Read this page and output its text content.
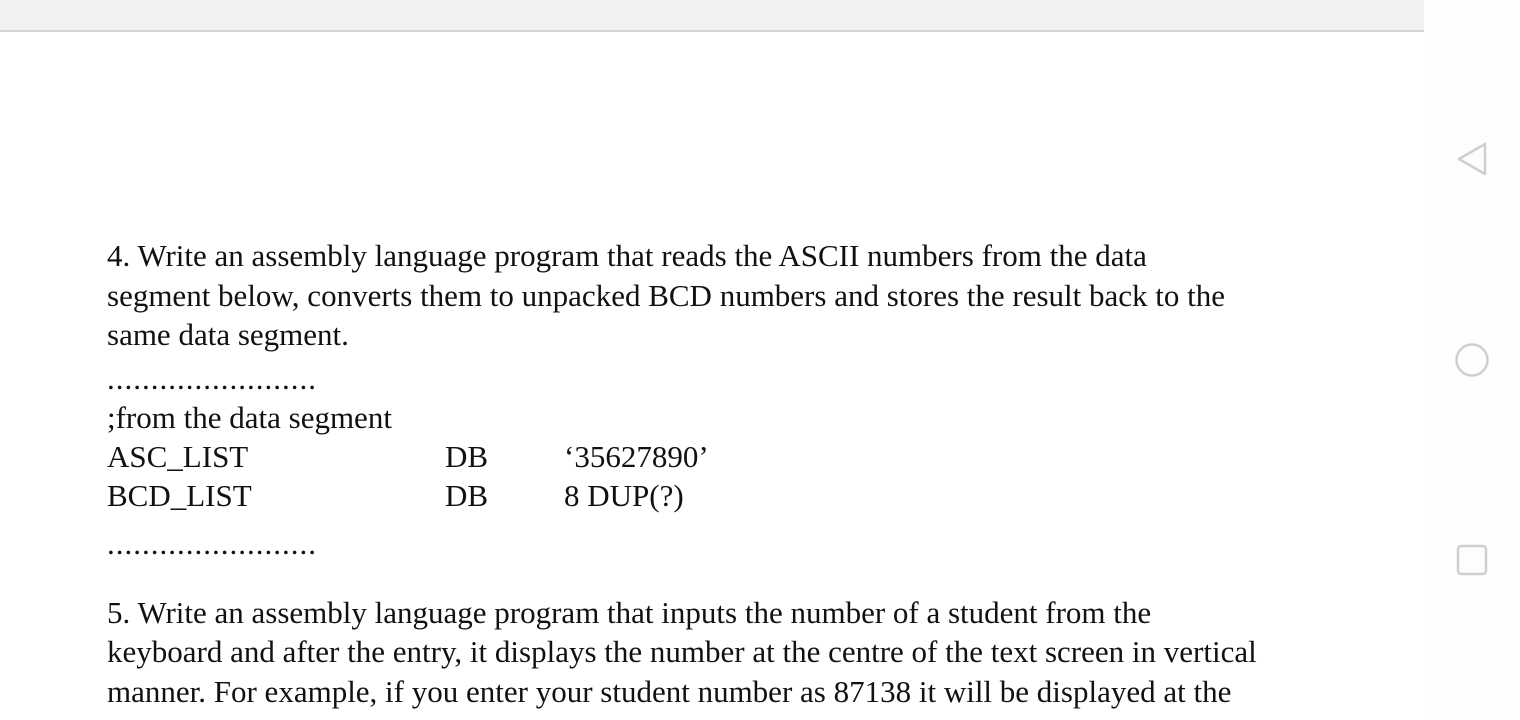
4. Write an assembly language program that reads the ASCII numbers from the data

segment below, converts them to unpacked BCD numbers and stores the result back to the

same data segment.

........................
;from the data segment
ASC_LIST	DB ‘35627890’
BCD_LIST	DB 8 DUP(?)
........................

5. Write an assembly language program that inputs the number of a student from the

keyboard and after the entry, it displays the number at the centre of the text screen in vertical

manner. For example, if you enter your student number as 87138 it will be displayed at the
